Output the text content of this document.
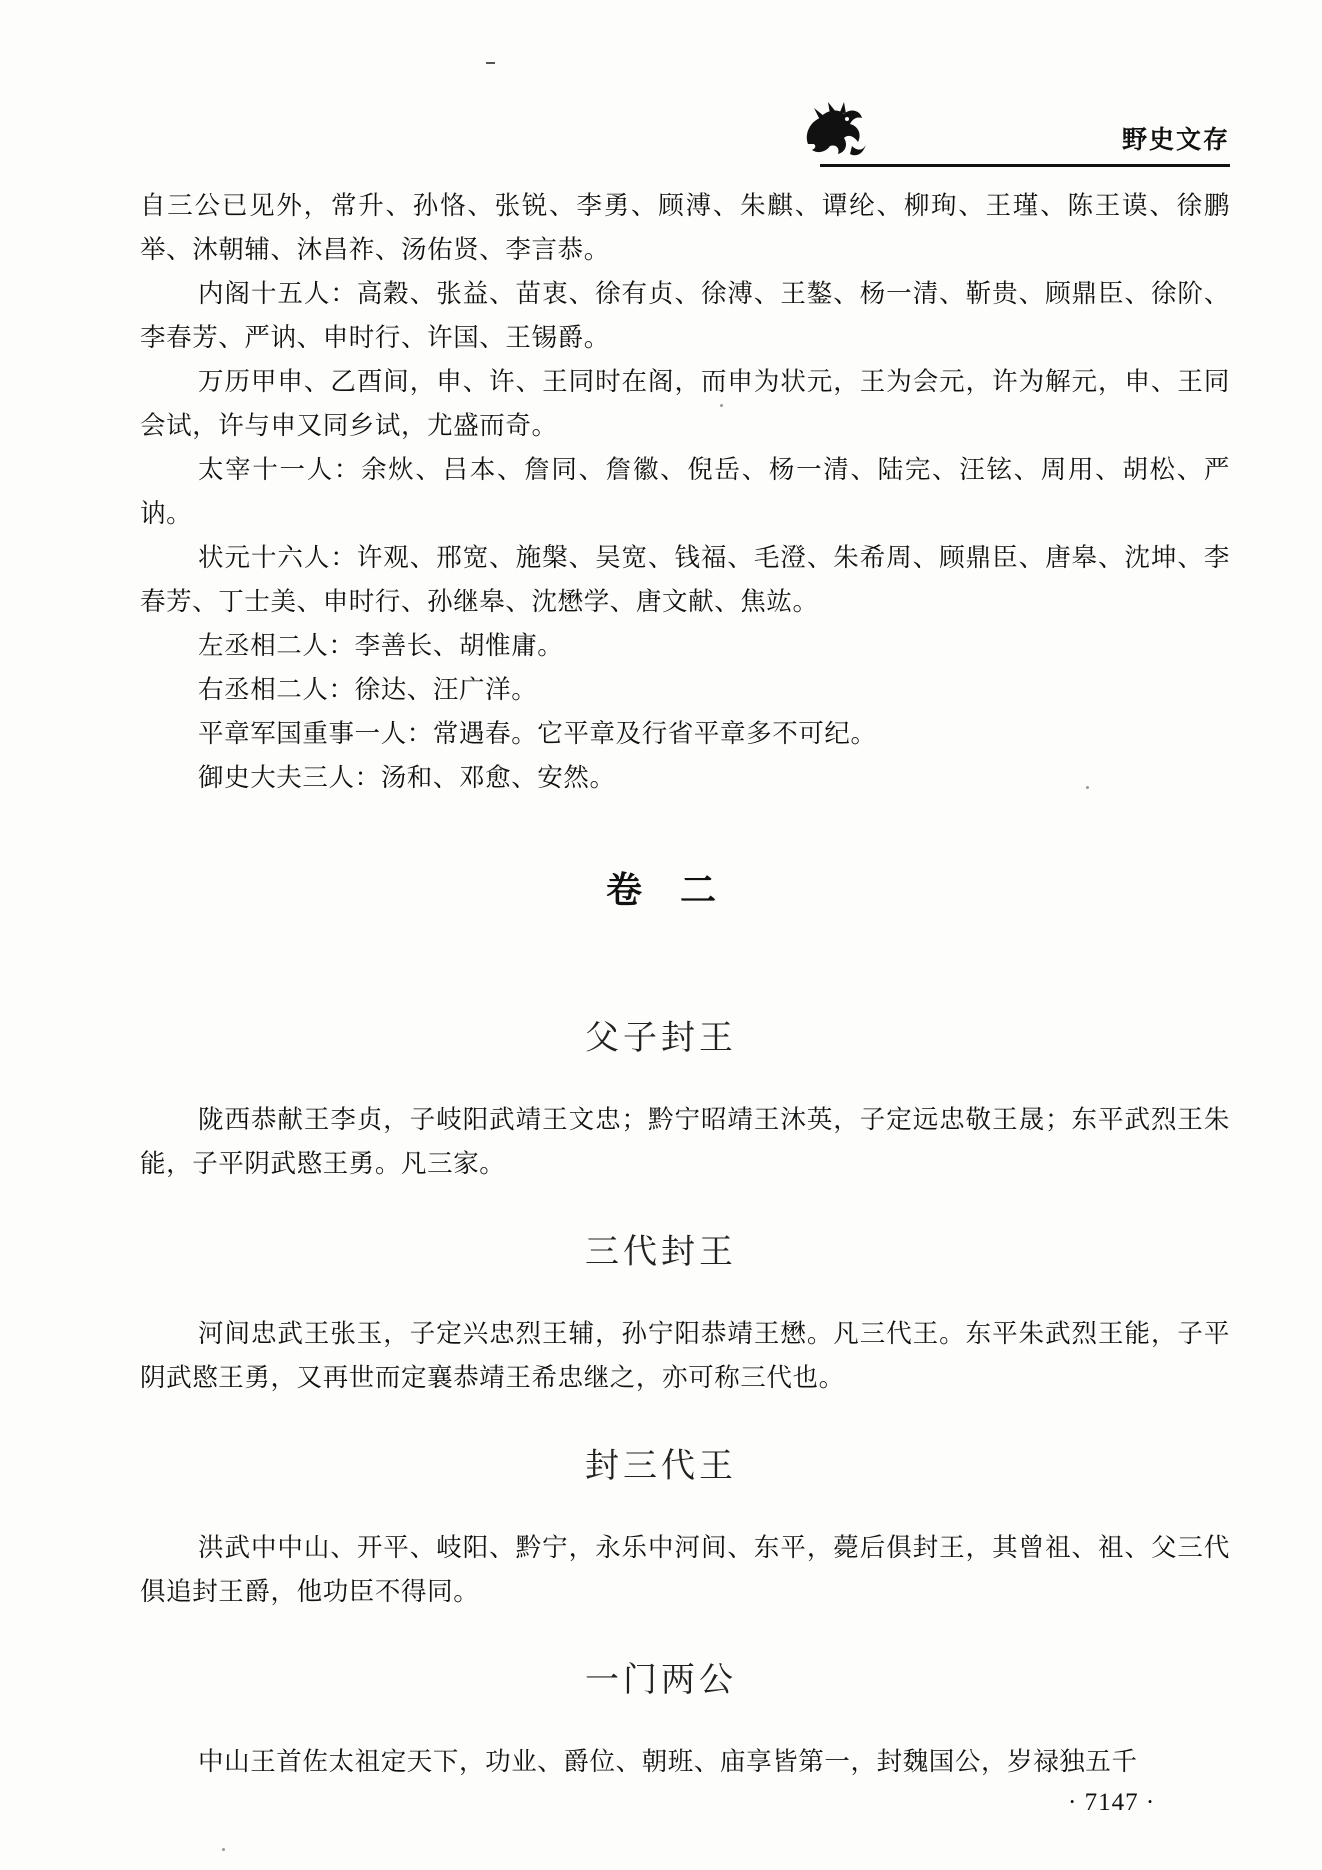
野史文存

自三公已见外，常升、孙恪、张锐、李勇、顾溥、朱麒、谭纶、柳珣、王瑾、陈王谟、徐鹏举、沐朝辅、沐昌祚、汤佑贤、李言恭。

内阁十五人：高穀、张益、苗衷、徐有贞、徐溥、王鏊、杨一清、靳贵、顾鼎臣、徐阶、李春芳、严讷、申时行、许国、王锡爵。

万历甲申、乙酉间，申、许、王同时在阁，而申为状元，王为会元，许为解元，申、王同会试，许与申又同乡试，尤盛而奇。

太宰十一人：余炏、吕本、詹同、詹徽、倪岳、杨一清、陆完、汪铉、周用、胡松、严讷。

状元十六人：许观、邢宽、施槃、吴宽、钱福、毛澄、朱希周、顾鼎臣、唐皋、沈坤、李春芳、丁士美、申时行、孙继皋、沈懋学、唐文献、焦竑。

左丞相二人：李善长、胡惟庸。

右丞相二人：徐达、汪广洋。

平章军国重事一人：常遇春。它平章及行省平章多不可纪。

御史大夫三人：汤和、邓愈、安然。

卷二
父子封王

陇西恭献王李贞，子岐阳武靖王文忠；黔宁昭靖王沐英，子定远忠敬王晟；东平武烈王朱能，子平阴武愍王勇。凡三家。

三代封王

河间忠武王张玉，子定兴忠烈王辅，孙宁阳恭靖王懋。凡三代王。东平朱武烈王能，子平阴武愍王勇，又再世而定襄恭靖王希忠继之，亦可称三代也。

封三代王

洪武中中山、开平、岐阳、黔宁，永乐中河间、东平，薨后俱封王，其曾祖、祖、父三代俱追封王爵，他功臣不得同。

一门两公

中山王首佐太祖定天下，功业、爵位、朝班、庙享皆第一，封魏国公，岁禄独五千

· 7147 ·
